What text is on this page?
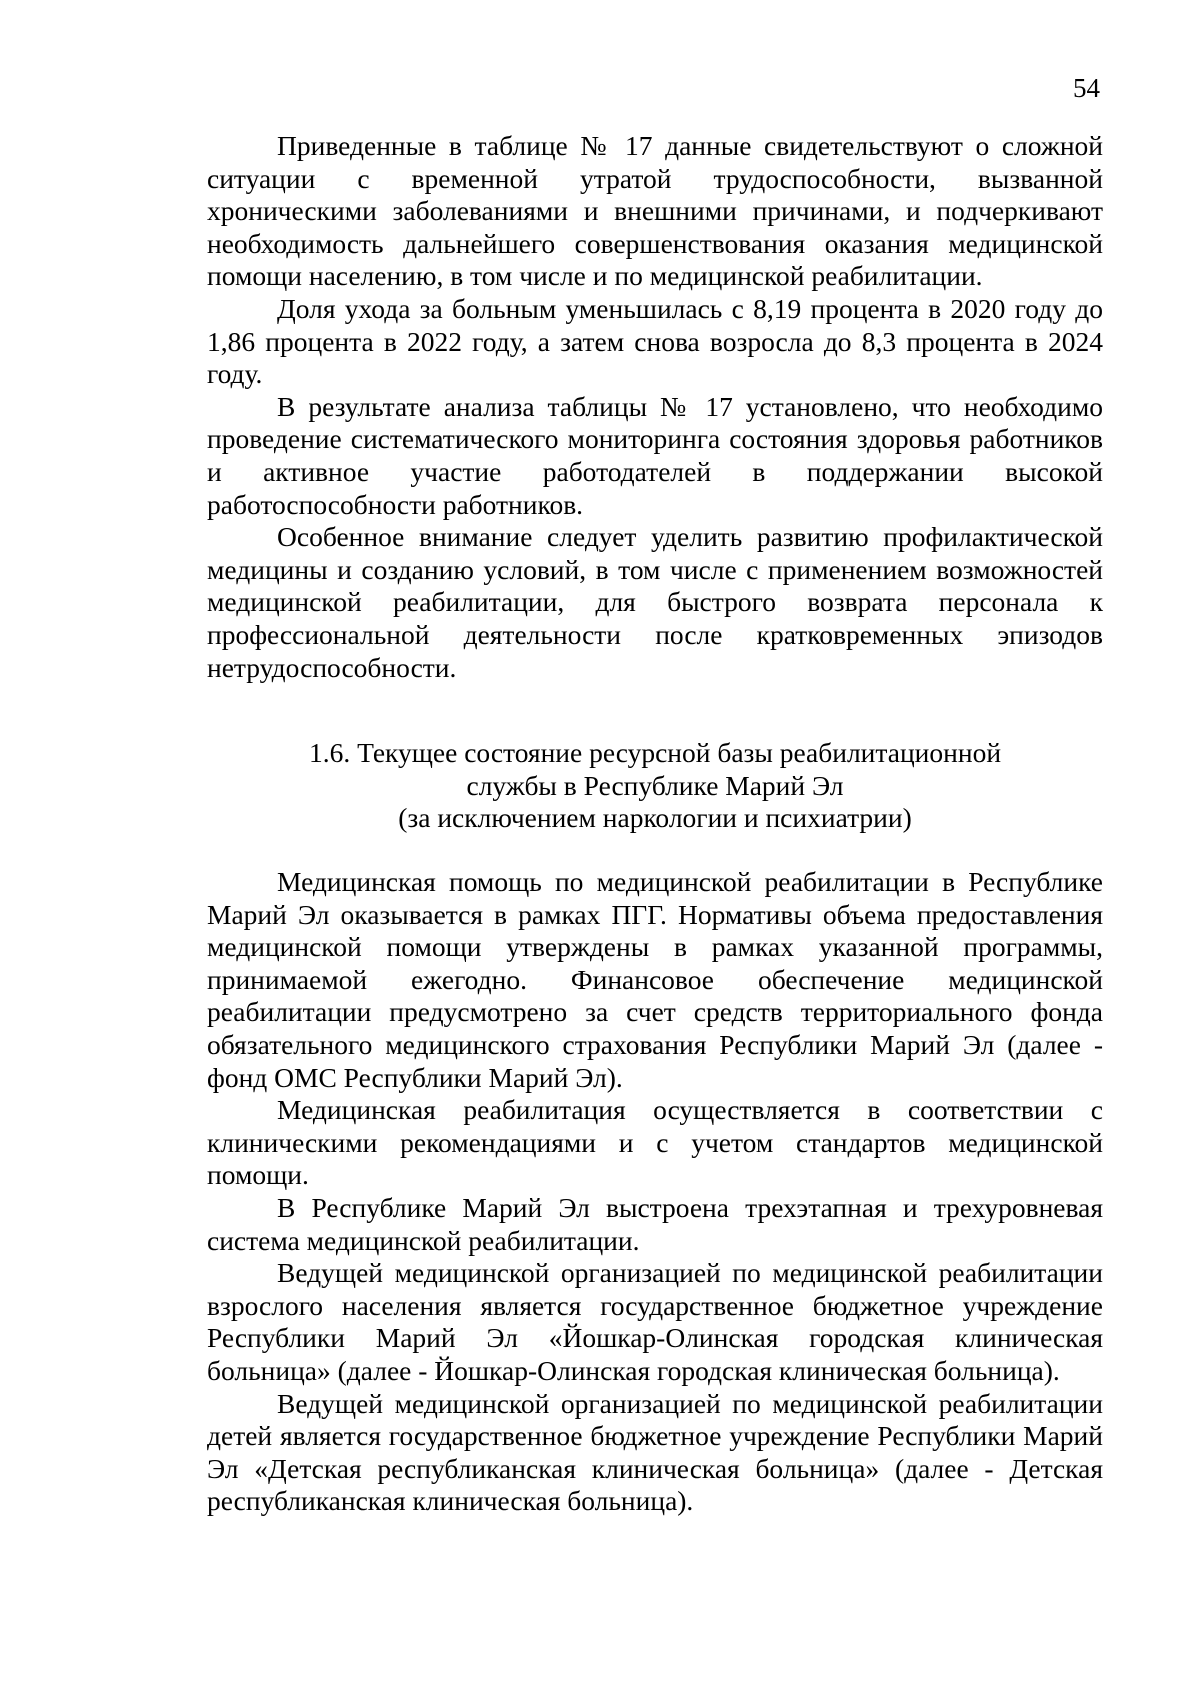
54

Приведенные в таблице № 17 данные свидетельствуют о сложной ситуации с временной утратой трудоспособности, вызванной хроническими заболеваниями и внешними причинами, и подчеркивают необходимость дальнейшего совершенствования оказания медицинской помощи населению, в том числе и по медицинской реабилитации.

Доля ухода за больным уменьшилась с 8,19 процента в 2020 году до 1,86 процента в 2022 году, а затем снова возросла до 8,3 процента в 2024 году.

В результате анализа таблицы № 17 установлено, что необходимо проведение систематического мониторинга состояния здоровья работников и активное участие работодателей в поддержании высокой работоспособности работников.

Особенное внимание следует уделить развитию профилактической медицины и созданию условий, в том числе с применением возможностей медицинской реабилитации, для быстрого возврата персонала к профессиональной деятельности после кратковременных эпизодов нетрудоспособности.

1.6. Текущее состояние ресурсной базы реабилитационной
службы в Республике Марий Эл
(за исключением наркологии и психиатрии)

Медицинская помощь по медицинской реабилитации в Республике Марий Эл оказывается в рамках ПГГ. Нормативы объема предоставления медицинской помощи утверждены в рамках указанной программы, принимаемой ежегодно. Финансовое обеспечение медицинской реабилитации предусмотрено за счет средств территориального фонда обязательного медицинского страхования Республики Марий Эл (далее - фонд ОМС Республики Марий Эл).

Медицинская реабилитация осуществляется в соответствии с клиническими рекомендациями и с учетом стандартов медицинской помощи.

В Республике Марий Эл выстроена трехэтапная и трехуровневая система медицинской реабилитации.

Ведущей медицинской организацией по медицинской реабилитации взрослого населения является государственное бюджетное учреждение Республики Марий Эл «Йошкар-Олинская городская клиническая больница» (далее - Йошкар-Олинская городская клиническая больница).

Ведущей медицинской организацией по медицинской реабилитации детей является государственное бюджетное учреждение Республики Марий Эл «Детская республиканская клиническая больница» (далее - Детская республиканская клиническая больница).
